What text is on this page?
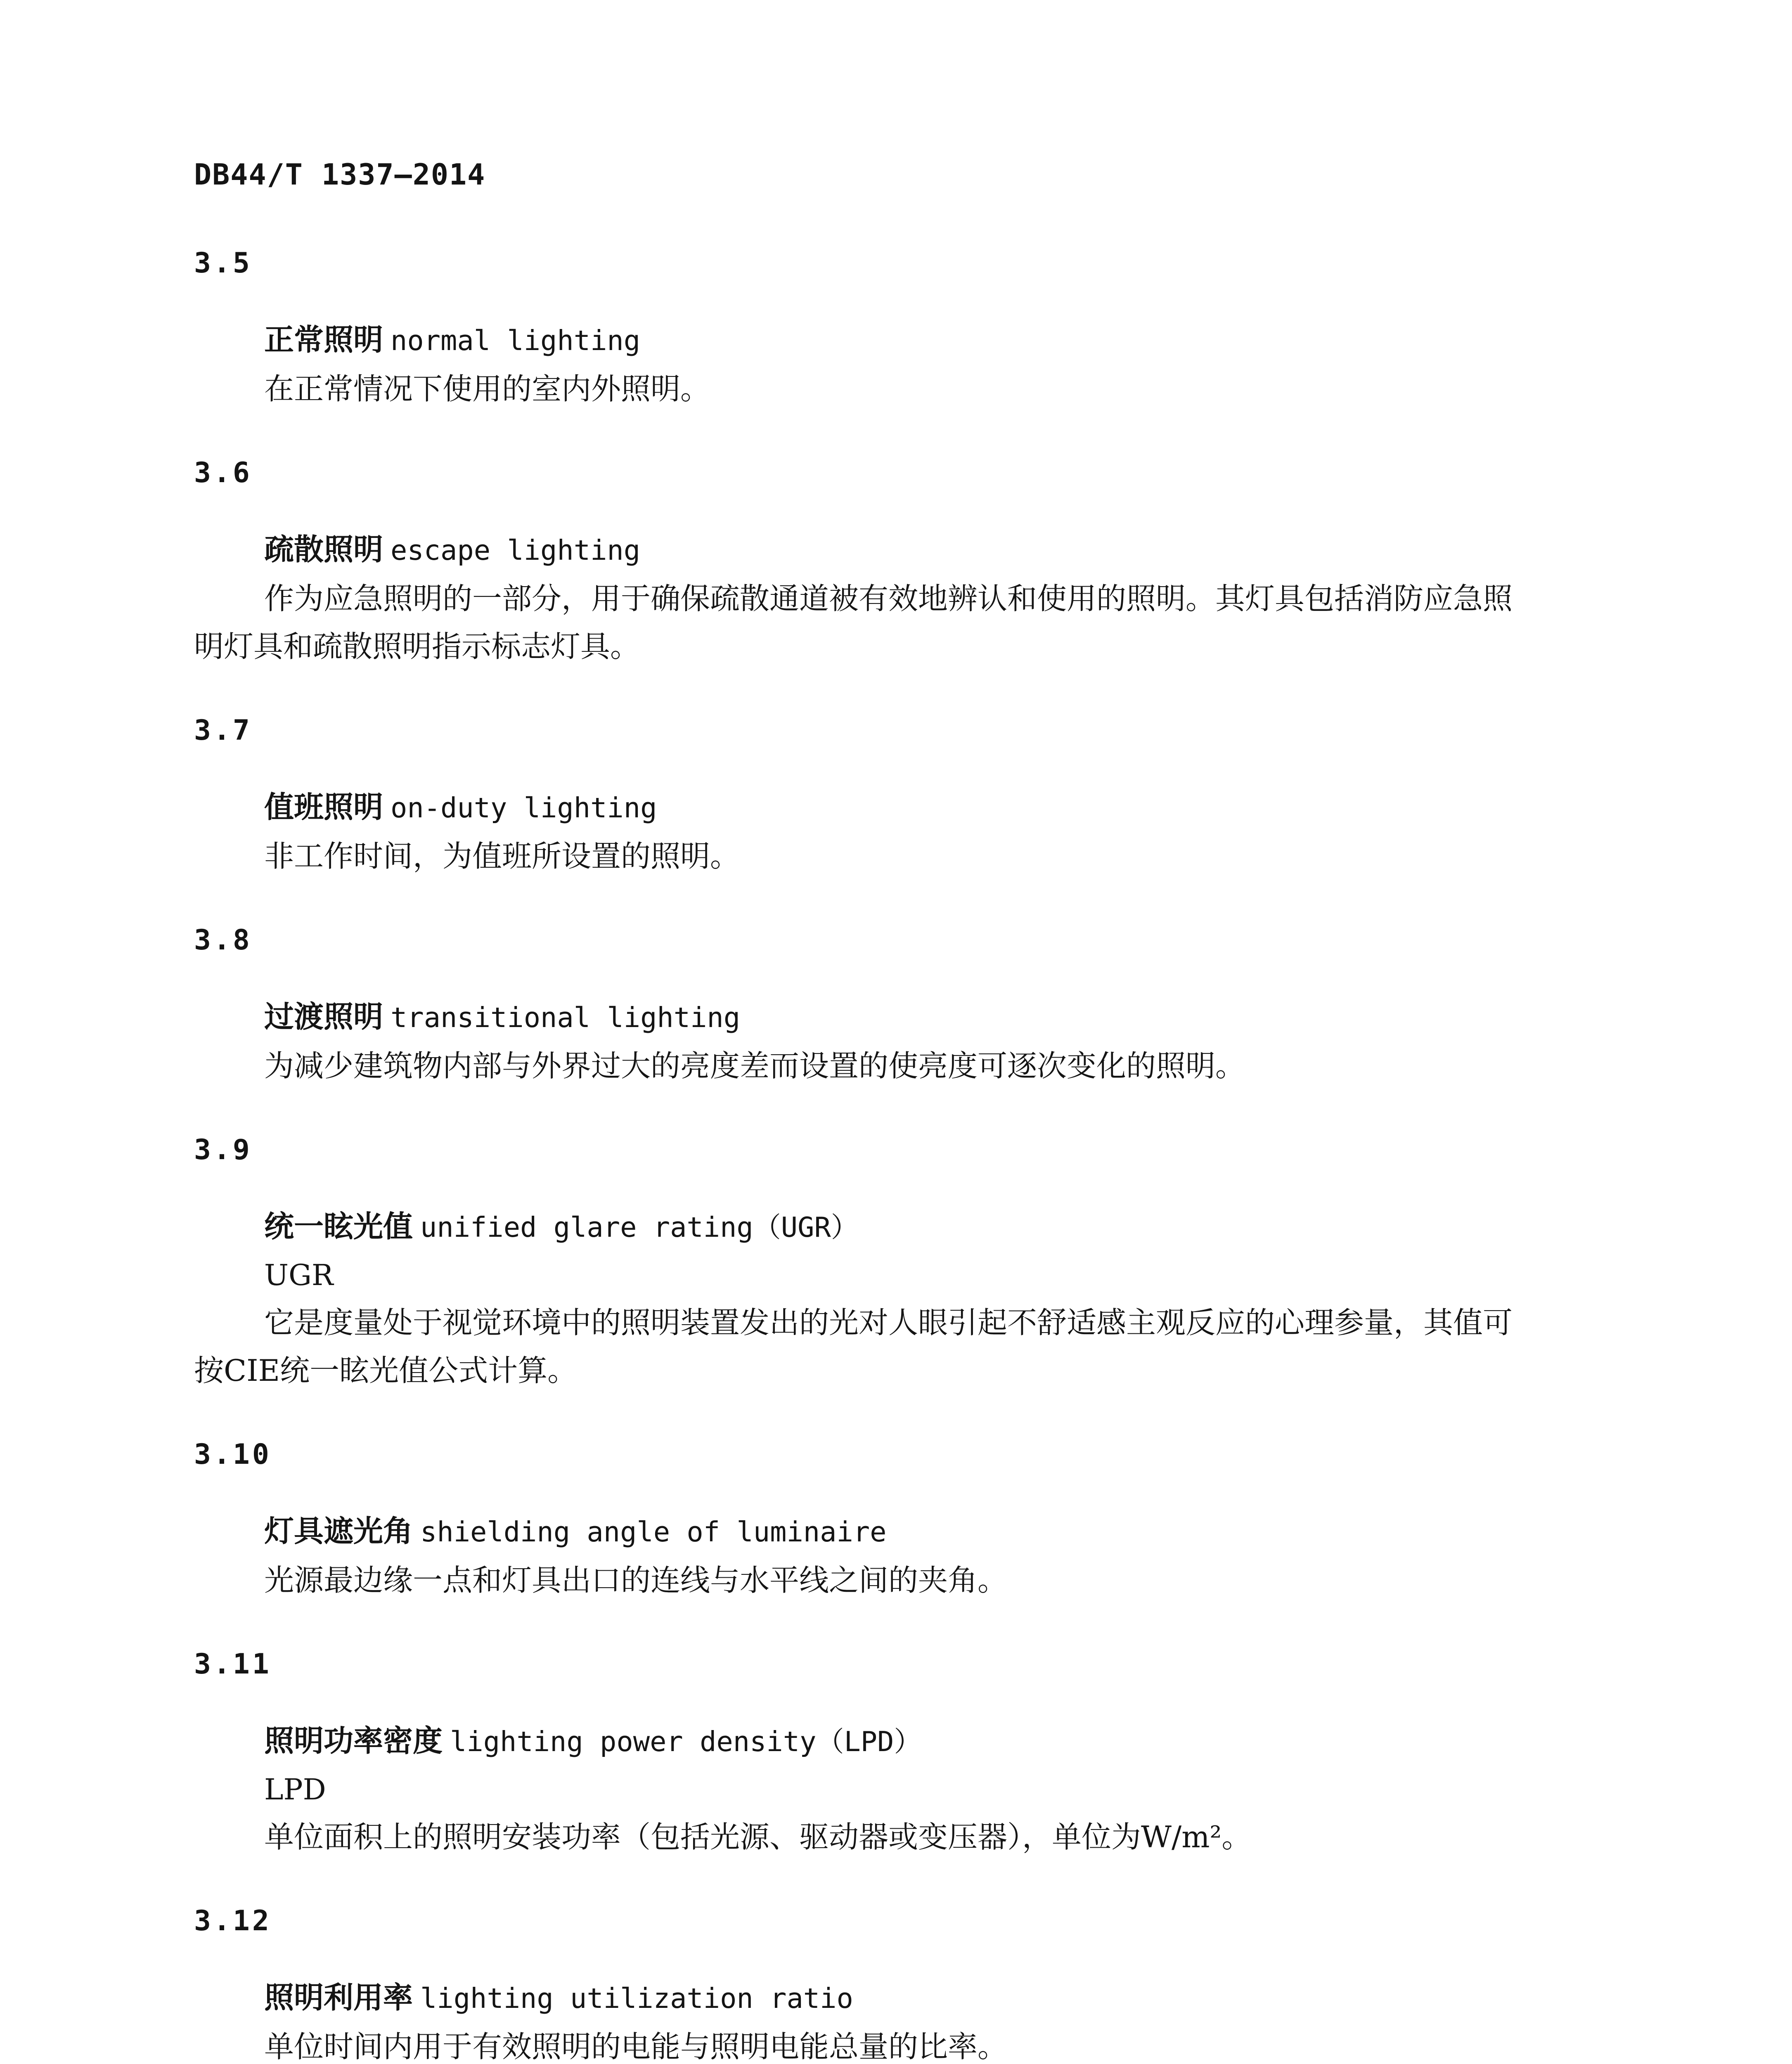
DB44/T 1337—2014
3.5
正常照明 normal lighting
在正常情况下使用的室内外照明。
3.6
疏散照明 escape lighting
作为应急照明的一部分，用于确保疏散通道被有效地辨认和使用的照明。其灯具包括消防应急照
明灯具和疏散照明指示标志灯具。
3.7
值班照明 on-duty lighting
非工作时间，为值班所设置的照明。
3.8
过渡照明 transitional lighting
为减少建筑物内部与外界过大的亮度差而设置的使亮度可逐次变化的照明。
3.9
统一眩光值 unified glare rating（UGR）
UGR
它是度量处于视觉环境中的照明装置发出的光对人眼引起不舒适感主观反应的心理参量，其值可
按CIE统一眩光值公式计算。
3.10
灯具遮光角 shielding angle of luminaire
光源最边缘一点和灯具出口的连线与水平线之间的夹角。
3.11
照明功率密度 lighting power density（LPD）
LPD
单位面积上的照明安装功率（包括光源、驱动器或变压器），单位为W/m²。
3.12
照明利用率 lighting utilization ratio
单位时间内用于有效照明的电能与照明电能总量的比率。
